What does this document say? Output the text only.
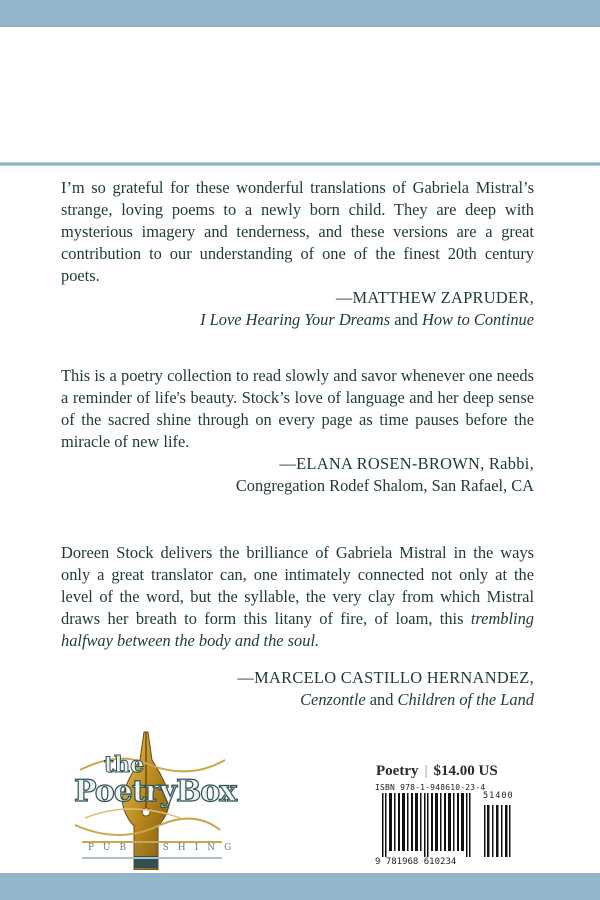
I’m so grateful for these wonderful translations of Gabriela Mistral’s strange, loving poems to a newly born child. They are deep with mysterious imagery and tenderness, and these versions are a great contribution to our understanding of one of the finest 20th century poets.

—MATTHEW ZAPRUDER,
I Love Hearing Your Dreams and How to Continue

This is a poetry collection to read slowly and savor whenever one needs a reminder of life's beauty. Stock’s love of language and her deep sense of the sacred shine through on every page as time pauses before the miracle of new life.

—ELANA ROSEN-BROWN, Rabbi,
Congregation Rodef Shalom, San Rafael, CA

Doreen Stock delivers the brilliance of Gabriela Mistral in the ways only a great translator can, one intimately connected not only at the level of the word, but the syllable, the very clay from which Mistral draws her breath to form this litany of fire, of loam, this trembling halfway between the body and the soul.

—MARCELO CASTILLO HERNANDEZ,
Cenzontle and Children of the Land
the
PoetryBox
PUBLISHING
Poetry | $14.00 US
ISBN 978-1-948610-23-4
51400
9 781968 610234
